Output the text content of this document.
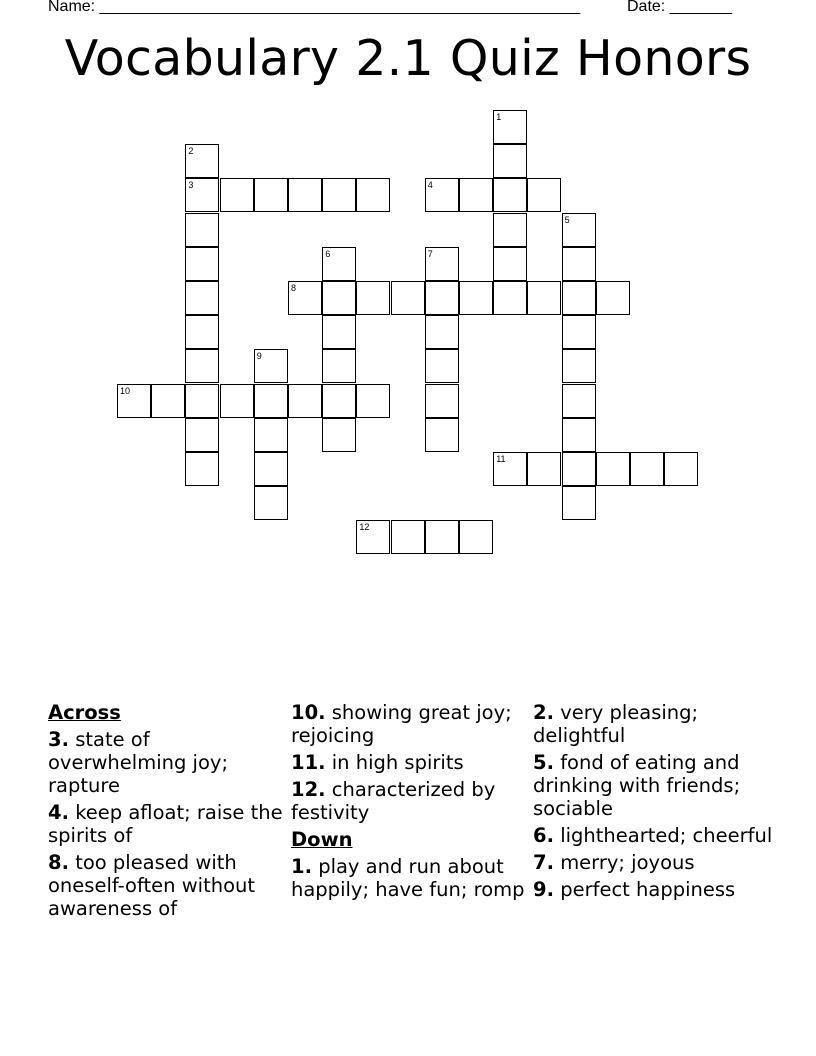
Name: ______________________________________________________	Date: _______
Vocabulary 2.1 Quiz Honors
1
2
3	4
5
6	7
8
9
10
11
12
Across
3. state of overwhelming joy; rapture
4. keep afloat; raise the spirits of
8. too pleased with oneself-often without awareness of
10. showing great joy; rejoicing
11. in high spirits
12. characterized by festivity
Down
1. play and run about happily; have fun; romp
2. very pleasing; delightful
5. fond of eating and drinking with friends; sociable
6. lighthearted; cheerful
7. merry; joyous
9. perfect happiness
